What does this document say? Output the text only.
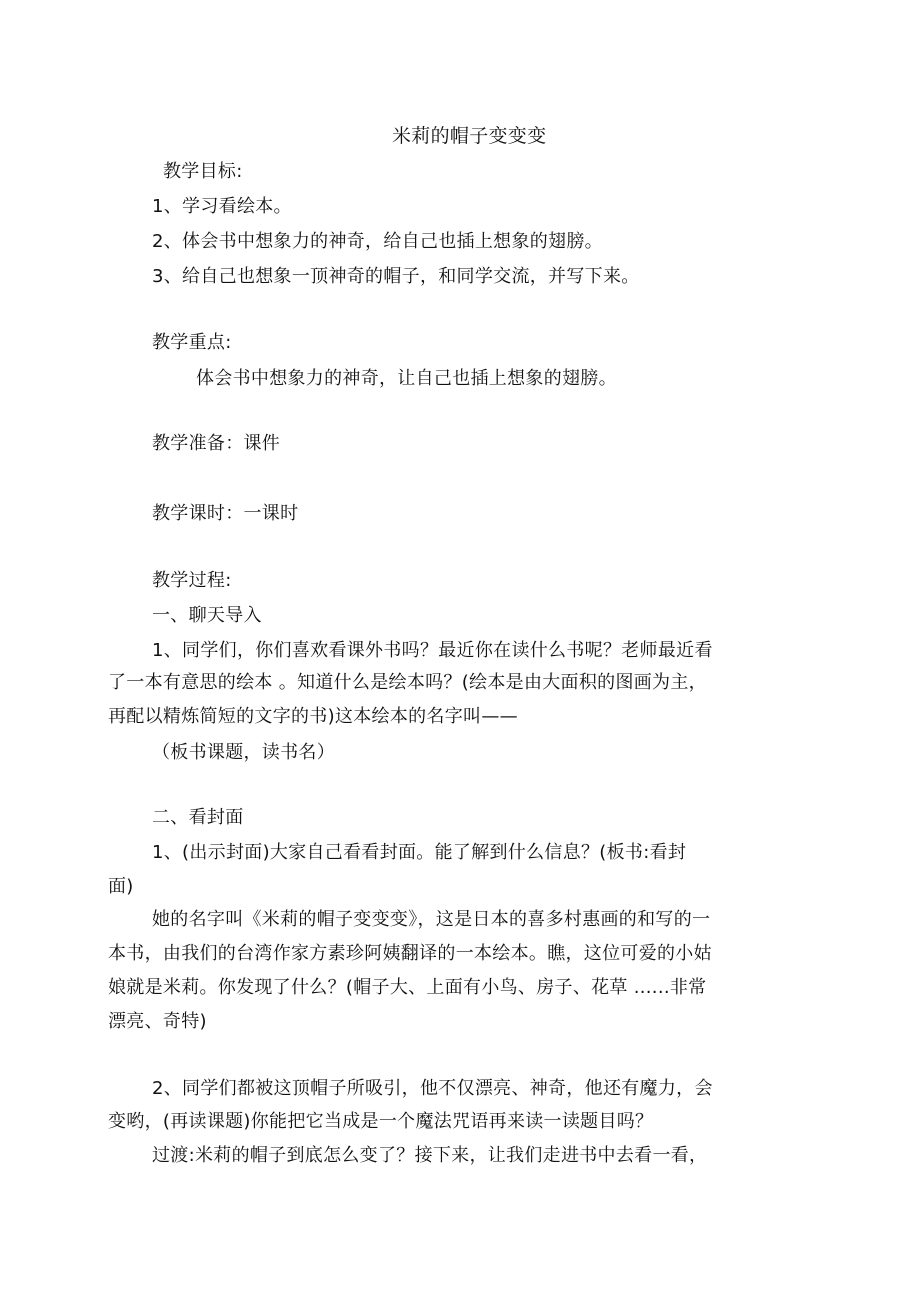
米莉的帽子变变变
教学目标:
1、学习看绘本。
2、体会书中想象力的神奇，给自己也插上想象的翅膀。
3、给自己也想象一顶神奇的帽子，和同学交流，并写下来。
教学重点:
体会书中想象力的神奇，让自己也插上想象的翅膀。
教学准备：课件
教学课时：一课时
教学过程:
一、聊天导入
1、同学们，你们喜欢看课外书吗？最近你在读什么书呢？老师最近看
了一本有意思的绘本 。知道什么是绘本吗？(绘本是由大面积的图画为主，
再配以精炼简短的文字的书)这本绘本的名字叫——
（板书课题，读书名）
二、看封面
1、(出示封面)大家自己看看封面。能了解到什么信息？(板书:看封
面)
她的名字叫《米莉的帽子变变变》，这是日本的喜多村惠画的和写的一
本书，由我们的台湾作家方素珍阿姨翻译的一本绘本。瞧，这位可爱的小姑
娘就是米莉。你发现了什么？(帽子大、上面有小鸟、房子、花草 ......非常
漂亮、奇特)
2、同学们都被这顶帽子所吸引，他不仅漂亮、神奇，他还有魔力，会
变哟，(再读课题)你能把它当成是一个魔法咒语再来读一读题目吗？
过渡:米莉的帽子到底怎么变了？接下来，让我们走进书中去看一看，
